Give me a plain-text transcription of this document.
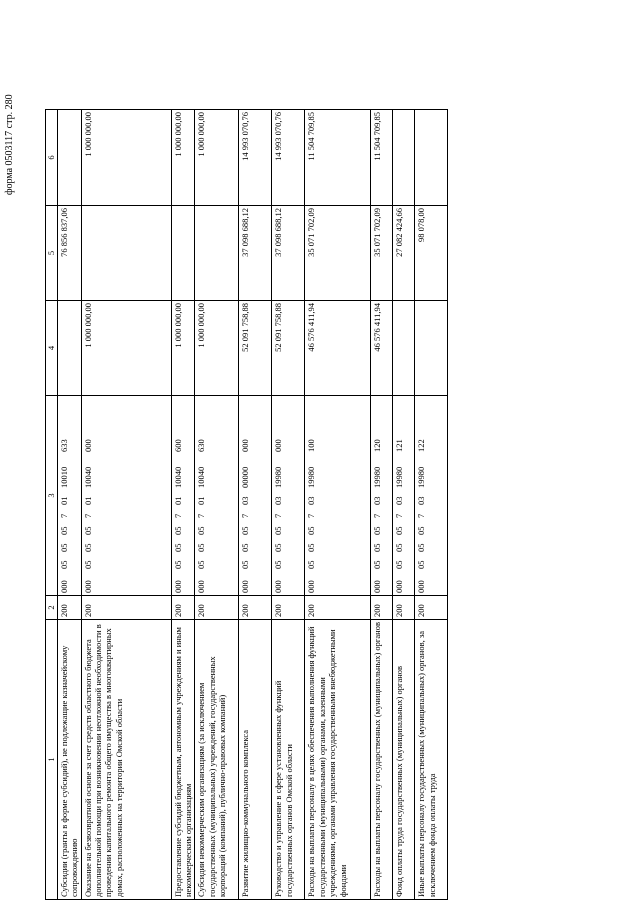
форма 0503117 стр. 280
1	2	3	4	5	6
Субсидии (гранты в форме субсидий), не подлежащие казначейскому сопровождению	200	00005050570110010633		76 856 837,06	
Оказание на безвозвратной основе за счет средств областного бюджета дополнительной помощи при возникновении неотложной необходимости в проведении капитального ремонта общего имущества в многоквартирных домах, расположенных на территории Омской области	200	00005050570110040000	1 000 000,00		1 000 000,00
Предоставление субсидий бюджетным, автономным учреждениям и иным некоммерческим организациям	200	00005050570110040600	1 000 000,00		1 000 000,00
Субсидии некоммерческим организациям (за исключением государственных (муниципальных) учреждений, государственных корпораций (компаний), публично-правовых компаний)	200	00005050570110040630	1 000 000,00		1 000 000,00
Развитие жилищно-коммунального комплекса	200	00005050570300000000	52 091 758,88	37 098 688,12	14 993 070,76
Руководство и управление в сфере установленных функций государственных органов Омской области	200	00005050570319980000	52 091 758,88	37 098 688,12	14 993 070,76
Расходы на выплаты персоналу в целях обеспечения выполнения функций государственными (муниципальными) органами, казенными учреждениями, органами управления государственными внебюджетными фондами	200	00005050570319980100	46 576 411,94	35 071 702,09	11 504 709,85
Расходы на выплаты персоналу государственных (муниципальных) органов	200	00005050570319980120	46 576 411,94	35 071 702,09	11 504 709,85
Фонд оплаты труда государственных (муниципальных) органов	200	00005050570319980121		27 082 424,66	
Иные выплаты персоналу государственных (муниципальных) органов, за исключением фонда оплаты труда	200	00005050570319980122		98 078,00	
